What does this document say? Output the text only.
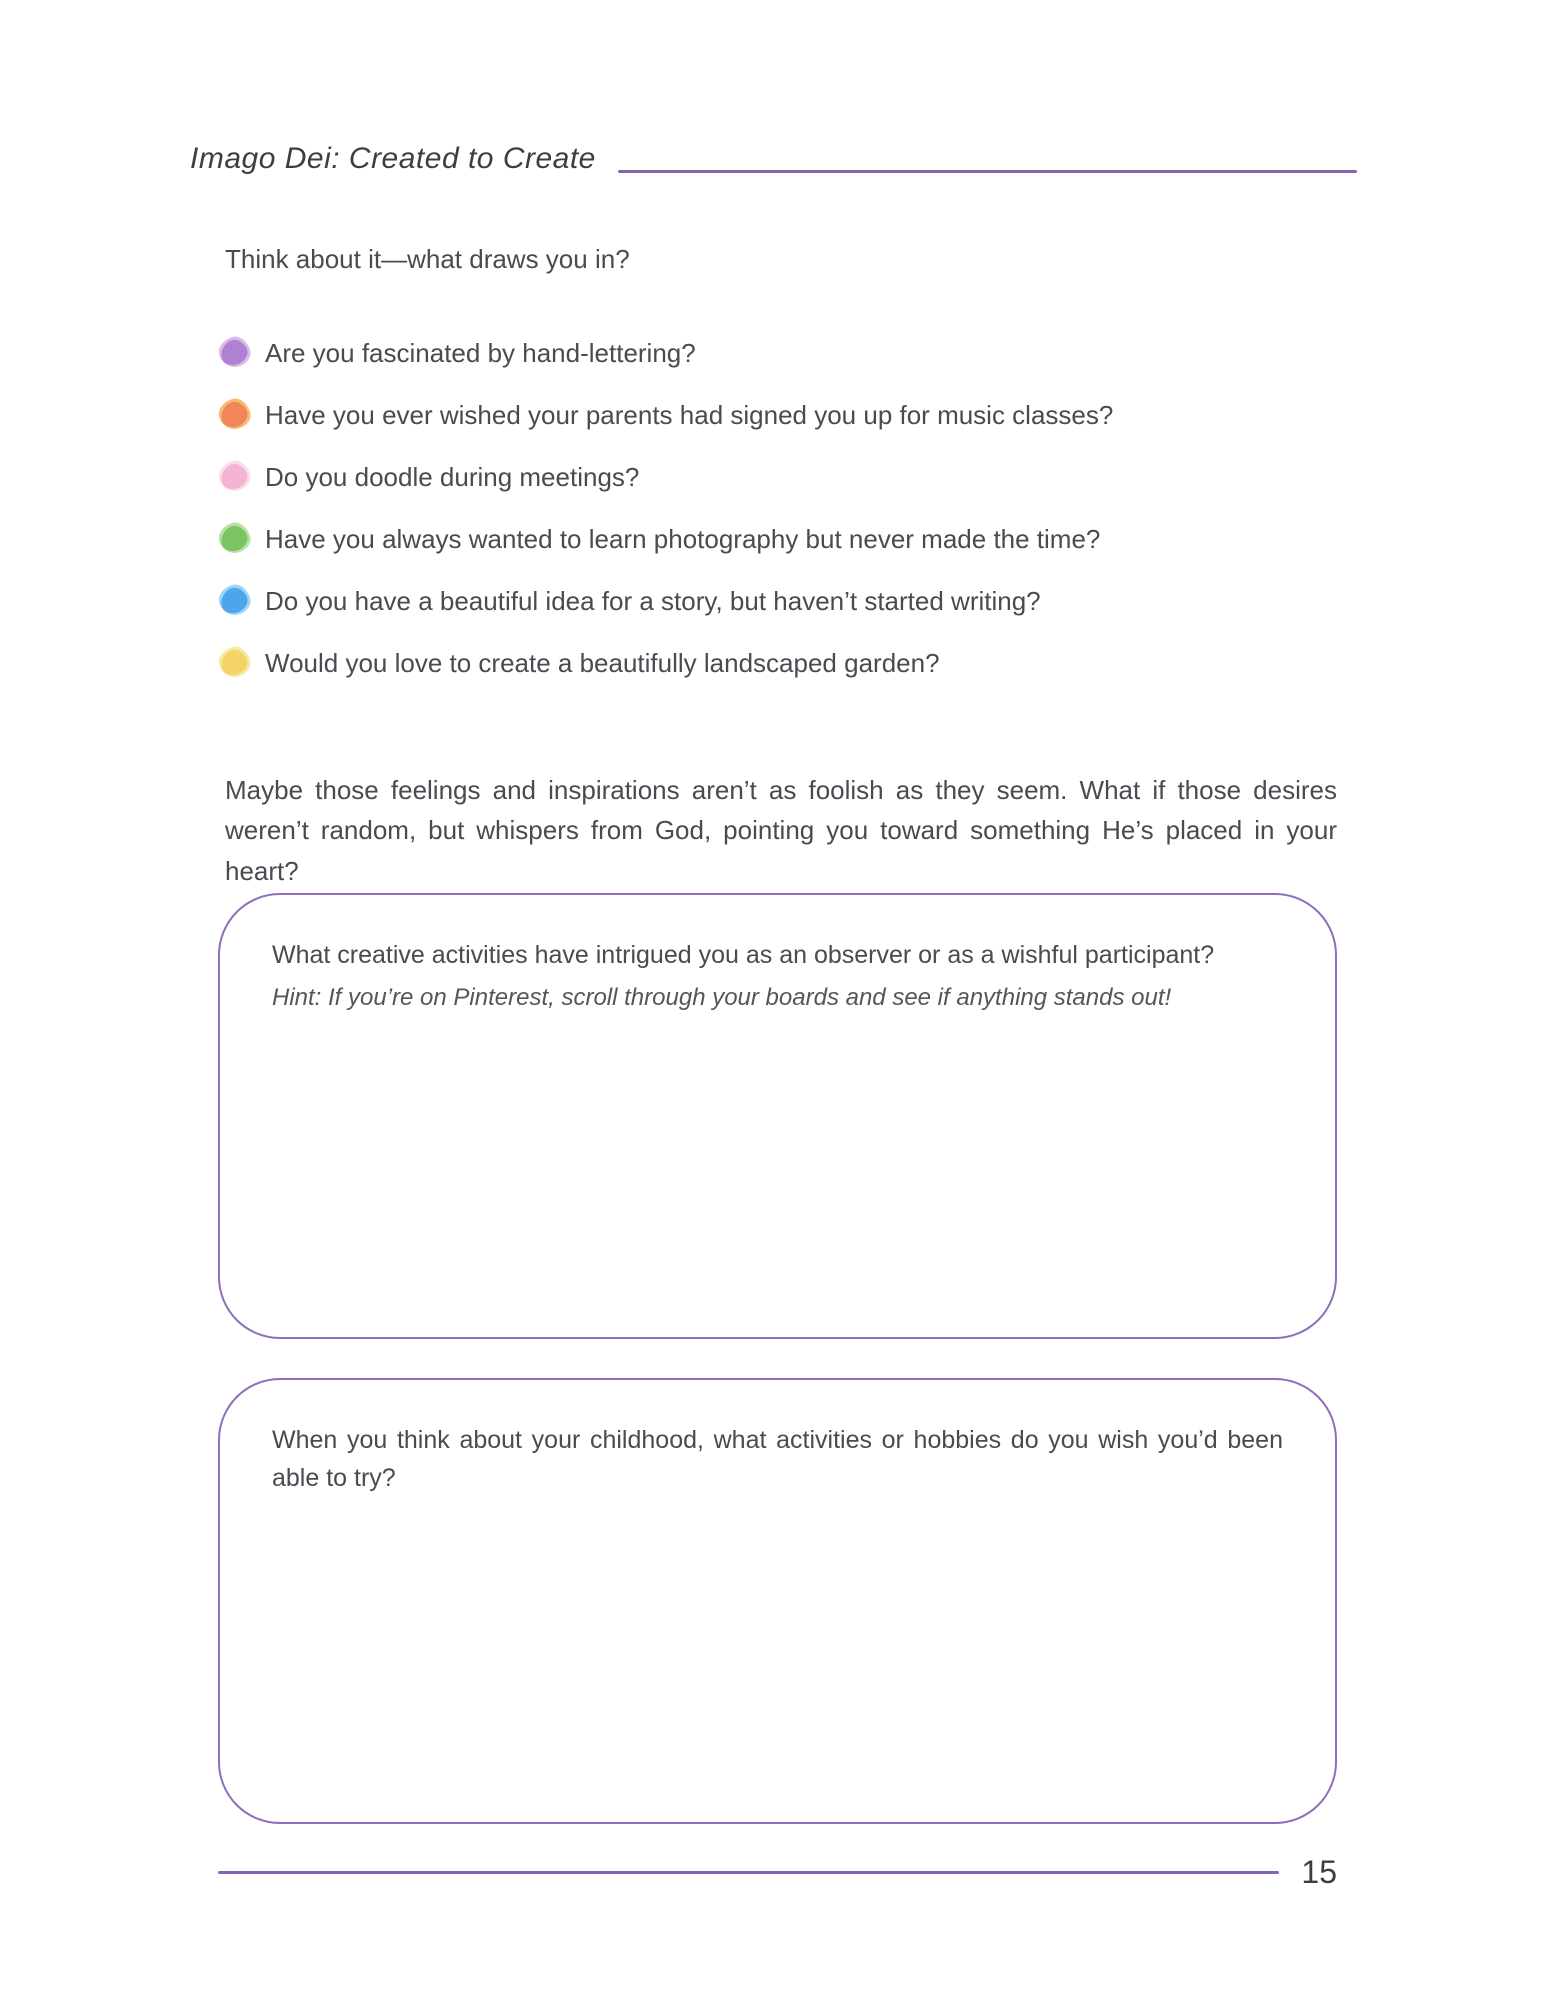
Imago Dei: Created to Create
Think about it—what draws you in?
Are you fascinated by hand-lettering?
Have you ever wished your parents had signed you up for music classes?
Do you doodle during meetings?
Have you always wanted to learn photography but never made the time?
Do you have a beautiful idea for a story, but haven’t started writing?
Would you love to create a beautifully landscaped garden?

Maybe those feelings and inspirations aren’t as foolish as they seem. What if those desires weren’t random, but whispers from God, pointing you toward something He’s placed in your heart?

What creative activities have intrigued you as an observer or as a wishful participant?
Hint: If you’re on Pinterest, scroll through your boards and see if anything stands out!
When you think about your childhood, what activities or hobbies do you wish you’d been able to try?
15
